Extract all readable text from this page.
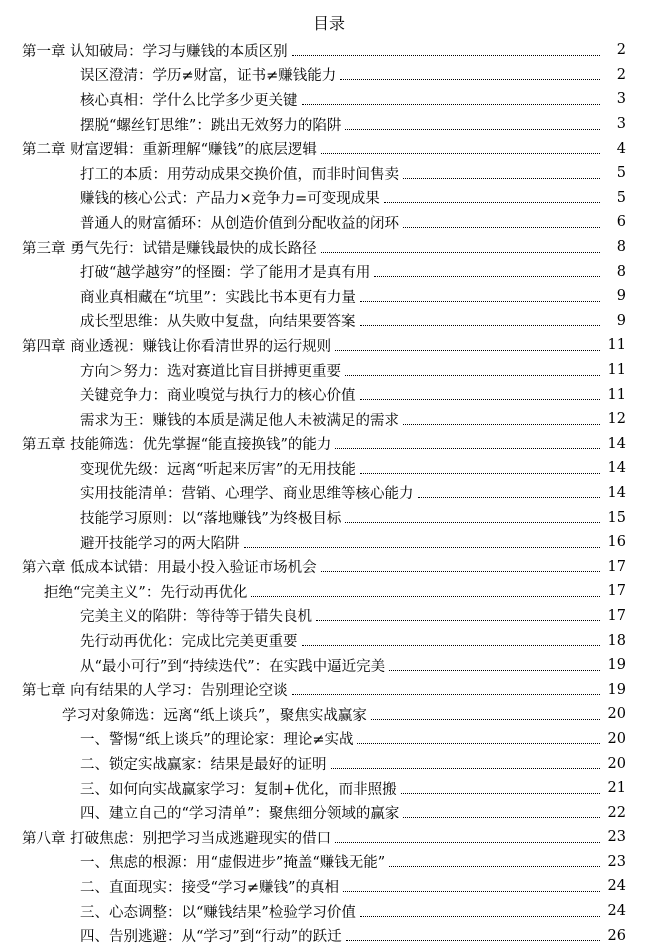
目录
第一章 认知破局：学习与赚钱的本质区别	2
误区澄清：学历≠财富，证书≠赚钱能力	2
核心真相：学什么比学多少更关键	3
摆脱“螺丝钉思维”：跳出无效努力的陷阱	3
第二章 财富逻辑：重新理解“赚钱”的底层逻辑	4
打工的本质：用劳动成果交换价值，而非时间售卖	5
赚钱的核心公式：产品力×竞争力=可变现成果	5
普通人的财富循环：从创造价值到分配收益的闭环	6
第三章 勇气先行：试错是赚钱最快的成长路径	8
打破“越学越穷”的怪圈：学了能用才是真有用	8
商业真相藏在“坑里”：实践比书本更有力量	9
成长型思维：从失败中复盘，向结果要答案	9
第四章 商业透视：赚钱让你看清世界的运行规则	11
方向＞努力：选对赛道比盲目拼搏更重要	11
关键竞争力：商业嗅觉与执行力的核心价值	11
需求为王：赚钱的本质是满足他人未被满足的需求	12
第五章 技能筛选：优先掌握“能直接换钱”的能力	14
变现优先级：远离“听起来厉害”的无用技能	14
实用技能清单：营销、心理学、商业思维等核心能力	14
技能学习原则：以“落地赚钱”为终极目标	15
避开技能学习的两大陷阱	16
第六章 低成本试错：用最小投入验证市场机会	17
拒绝“完美主义”：先行动再优化	17
完美主义的陷阱：等待等于错失良机	17
先行动再优化：完成比完美更重要	18
从“最小可行”到“持续迭代”：在实践中逼近完美	19
第七章 向有结果的人学习：告别理论空谈	19
学习对象筛选：远离“纸上谈兵”，聚焦实战赢家	20
一、警惕“纸上谈兵”的理论家：理论≠实战	20
二、锁定实战赢家：结果是最好的证明	20
三、如何向实战赢家学习：复制+优化，而非照搬	21
四、建立自己的“学习清单”：聚焦细分领域的赢家	22
第八章 打破焦虑：别把学习当成逃避现实的借口	23
一、焦虑的根源：用“虚假进步”掩盖“赚钱无能”	23
二、直面现实：接受“学习≠赚钱”的真相	24
三、心态调整：以“赚钱结果”检验学习价值	24
四、告别逃避：从“学习”到“行动”的跃迁	26
